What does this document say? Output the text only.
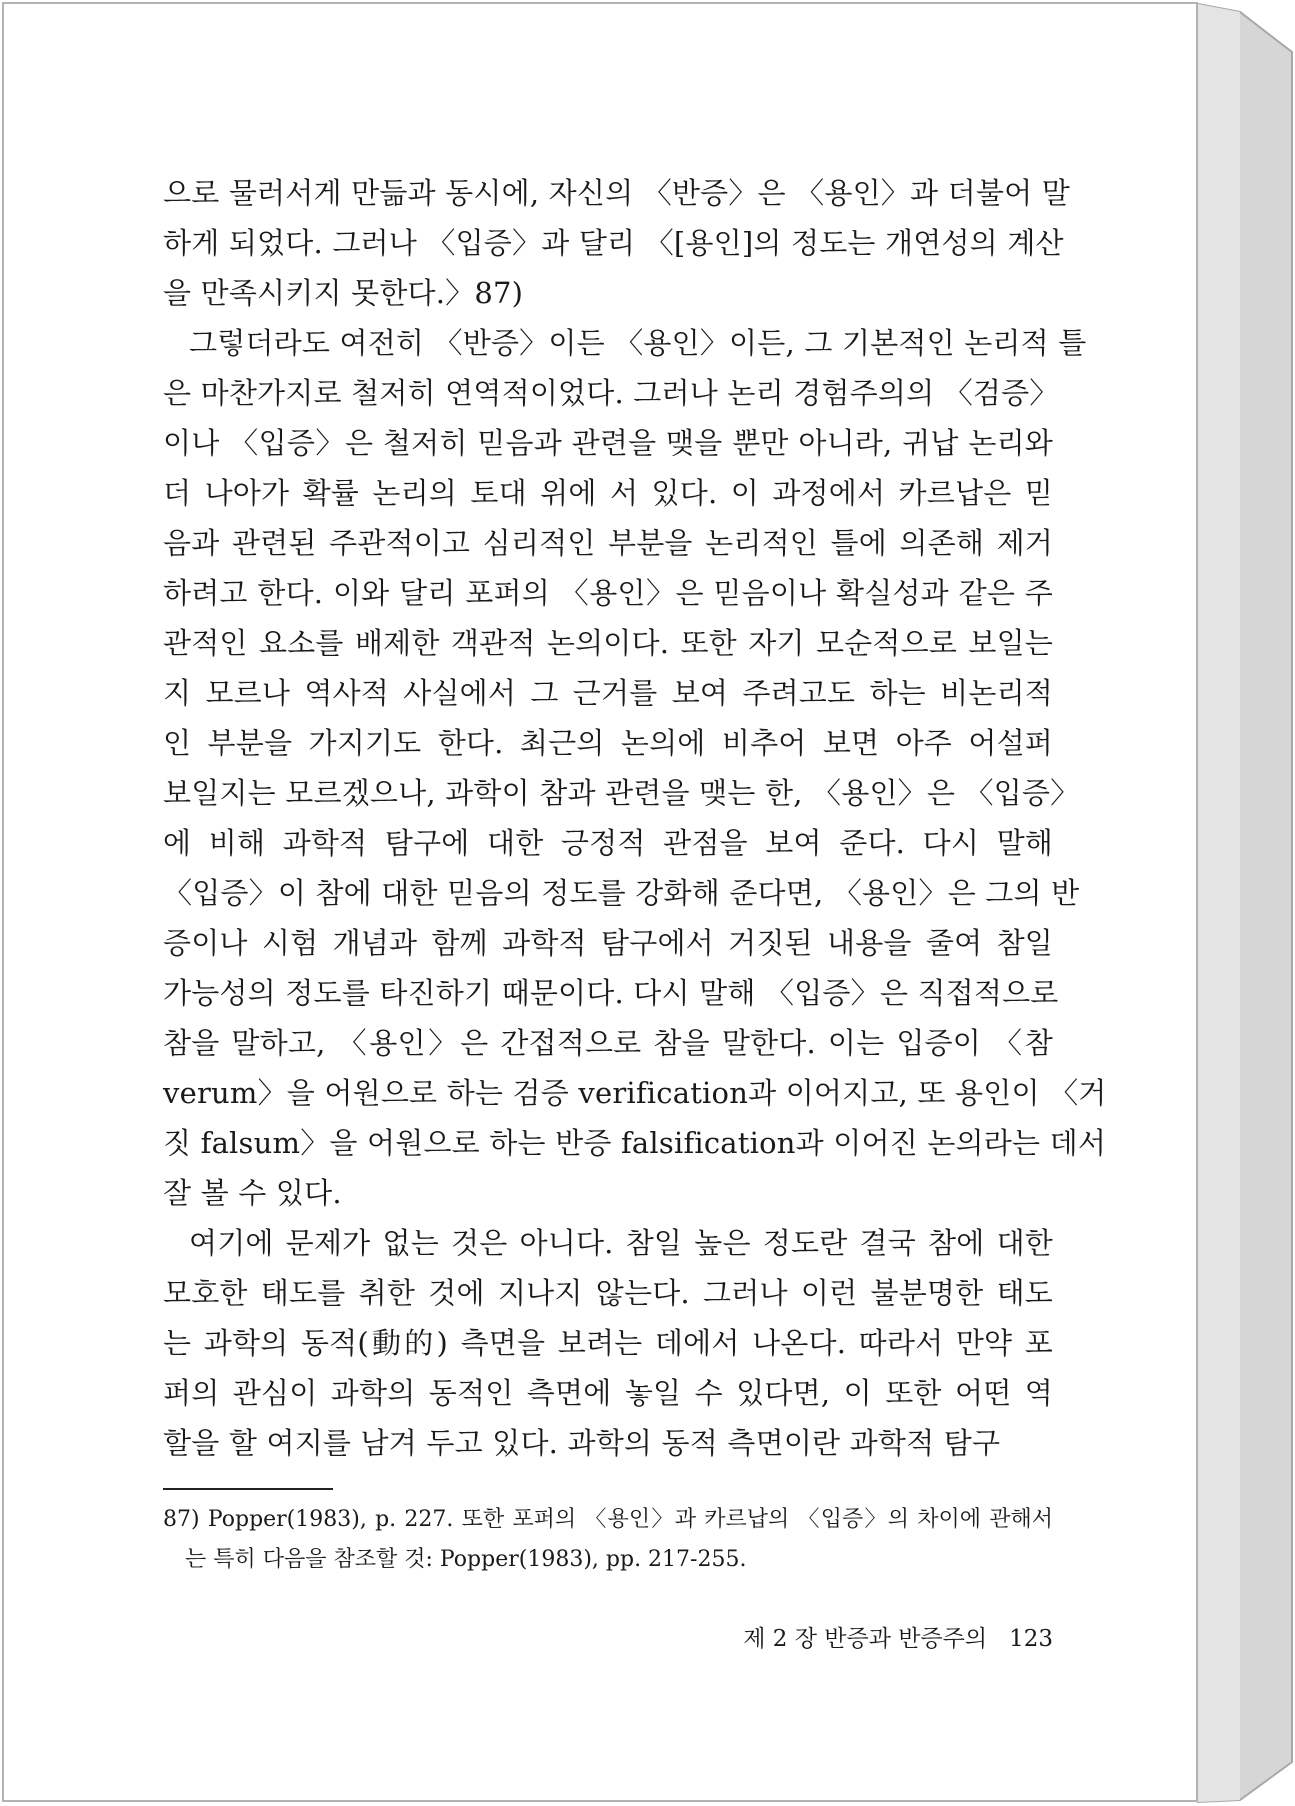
으로 물러서게 만듦과 동시에, 자신의 〈반증〉은 〈용인〉과 더불어 말
하게 되었다. 그러나 〈입증〉과 달리 〈[용인]의 정도는 개연성의 계산
을 만족시키지 못한다.〉87)
그렇더라도 여전히 〈반증〉이든 〈용인〉이든, 그 기본적인 논리적 틀
은 마찬가지로 철저히 연역적이었다. 그러나 논리 경험주의의 〈검증〉
이나 〈입증〉은 철저히 믿음과 관련을 맺을 뿐만 아니라, 귀납 논리와
더 나아가 확률 논리의 토대 위에 서 있다. 이 과정에서 카르납은 믿
음과 관련된 주관적이고 심리적인 부분을 논리적인 틀에 의존해 제거
하려고 한다. 이와 달리 포퍼의 〈용인〉은 믿음이나 확실성과 같은 주
관적인 요소를 배제한 객관적 논의이다. 또한 자기 모순적으로 보일는
지 모르나 역사적 사실에서 그 근거를 보여 주려고도 하는 비논리적
인 부분을 가지기도 한다. 최근의 논의에 비추어 보면 아주 어설퍼
보일지는 모르겠으나, 과학이 참과 관련을 맺는 한, 〈용인〉은 〈입증〉
에 비해 과학적 탐구에 대한 긍정적 관점을 보여 준다. 다시 말해
〈입증〉이 참에 대한 믿음의 정도를 강화해 준다면, 〈용인〉은 그의 반
증이나 시험 개념과 함께 과학적 탐구에서 거짓된 내용을 줄여 참일
가능성의 정도를 타진하기 때문이다. 다시 말해 〈입증〉은 직접적으로
참을 말하고, 〈용인〉은 간접적으로 참을 말한다. 이는 입증이 〈참
verum〉을 어원으로 하는 검증 verification과 이어지고, 또 용인이 〈거
짓 falsum〉을 어원으로 하는 반증 falsification과 이어진 논의라는 데서
잘 볼 수 있다.
여기에 문제가 없는 것은 아니다. 참일 높은 정도란 결국 참에 대한
모호한 태도를 취한 것에 지나지 않는다. 그러나 이런 불분명한 태도
는 과학의 동적(動的) 측면을 보려는 데에서 나온다. 따라서 만약 포
퍼의 관심이 과학의 동적인 측면에 놓일 수 있다면, 이 또한 어떤 역
할을 할 여지를 남겨 두고 있다. 과학의 동적 측면이란 과학적 탐구
87) Popper(1983), p. 227. 또한 포퍼의 〈용인〉과 카르납의 〈입증〉의 차이에 관해서
는 특히 다음을 참조할 것: Popper(1983), pp. 217-255.
제 2 장 반증과 반증주의 123
